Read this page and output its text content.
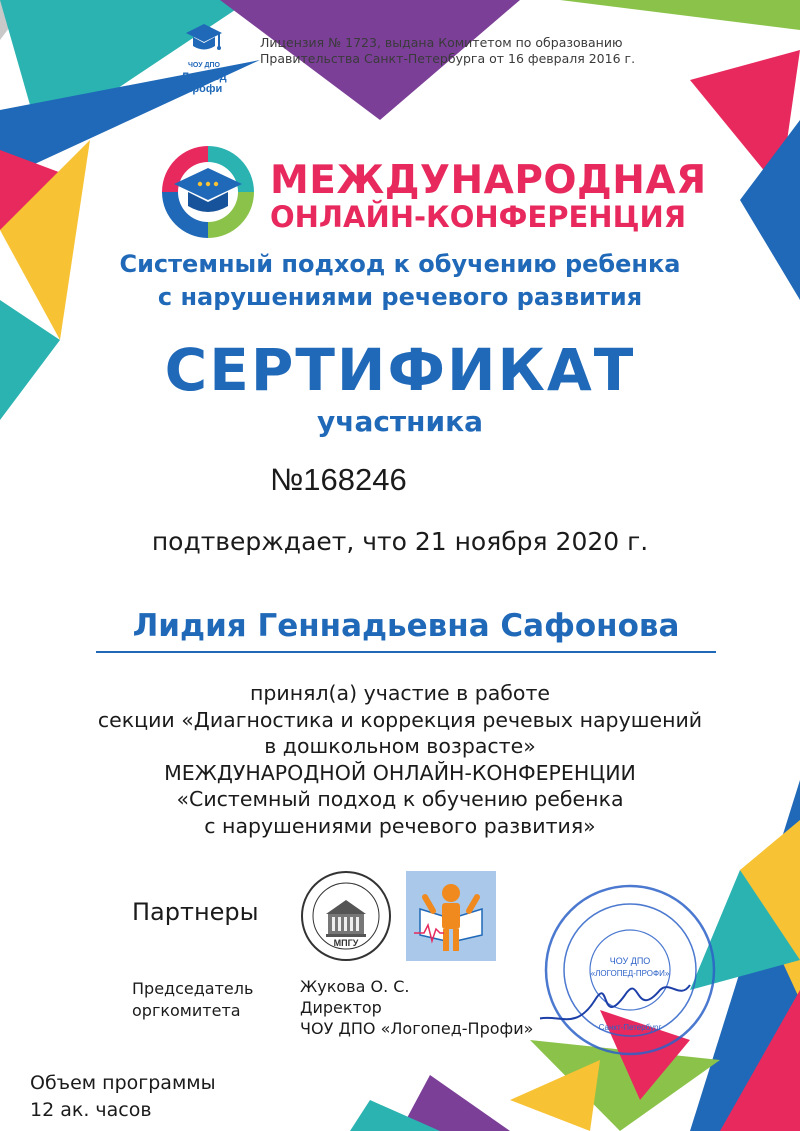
ЧОУ ДПО
Логопед
профи
Лицензия № 1723, выдана Комитетом по образованию
Правительства Санкт-Петербурга от 16 февраля 2016 г.
МЕЖДУНАРОДНАЯ
ОНЛАЙН-КОНФЕРЕНЦИЯ
Системный подход к обучению ребенка
с нарушениями речевого развития
СЕРТИФИКАТ
участника
№168246
подтверждает, что 21 ноября 2020 г.
Лидия Геннадьевна Сафонова
принял(а) участие в работе
секции «Диагностика и коррекция речевых нарушений
в дошкольном возрасте»
МЕЖДУНАРОДНОЙ ОНЛАЙН-КОНФЕРЕНЦИИ
«Системный подход к обучению ребенка
с нарушениями речевого развития»
Партнеры
МПГУ
Председатель
оргкомитета
Жукова О. С.
Директор
ЧОУ ДПО «Логопед-Профи»
ЧОУ ДПО
«ЛОГОПЕД-ПРОФИ»
Санкт-Петербург
Объем программы
12 ак. часов
